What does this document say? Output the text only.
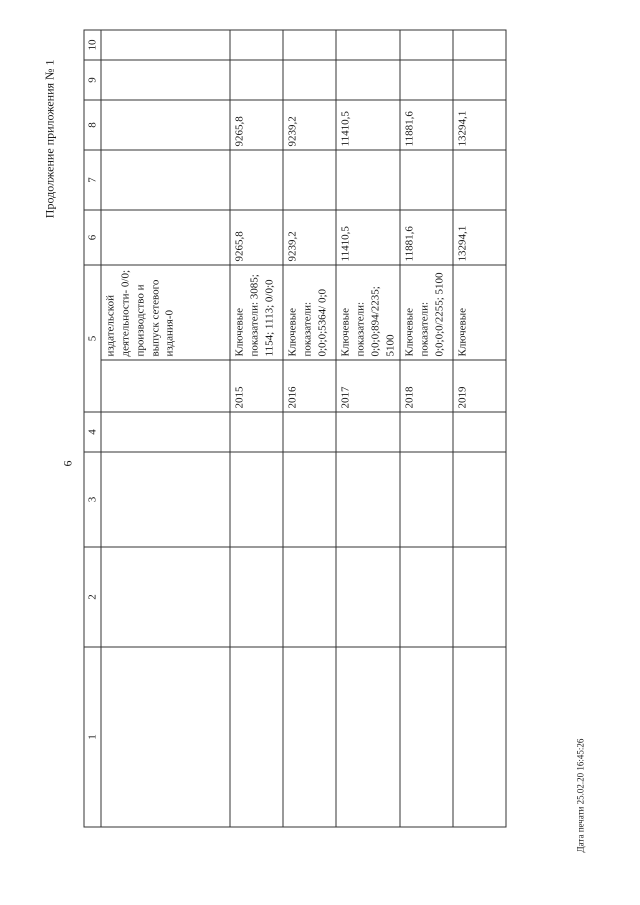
6
Продолжение приложения № 1
1	2	3	4	5		6	7	8	9	10
					издательской деятельности- 0/0; производство и выпуск сетевого издания-0					
				2015	Ключевые показатели: 3085; 1154; 1113; 0/0;0	9265,8		9265,8		
				2016	Ключевые показатели: 0;0;0;5364/ 0;0	9239,2		9239,2		
				2017	Ключевые показатели: 0;0;0;894/2235; 5100	11410,5		11410,5		
				2018	Ключевые показатели: 0;0;0;0/2255; 5100	11881,6		11881,6		
				2019	Ключевые	13294,1		13294,1		
Дата печати 25.02.20 16:45:26
